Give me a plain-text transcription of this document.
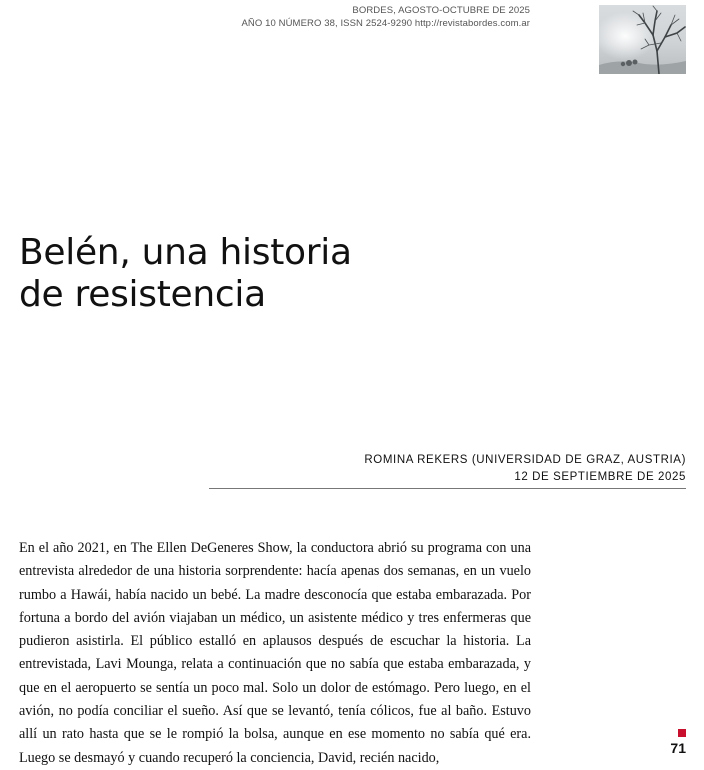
BORDES, AGOSTO-OCTUBRE DE 2025
AÑO 10 NÚMERO 38, ISSN 2524-9290 http://revistabordes.com.ar
Belén, una historia
de resistencia
ROMINA REKERS (UNIVERSIDAD DE GRAZ, AUSTRIA)
12 DE SEPTIEMBRE DE 2025

En el año 2021, en The Ellen DeGeneres Show, la conductora abrió su programa con una entrevista alrededor de una historia sorprendente: hacía apenas dos semanas, en un vuelo rumbo a Hawái, había nacido un bebé. La madre desconocía que estaba embarazada. Por fortuna a bordo del avión viajaban un médico, un asistente médico y tres enfermeras que pudieron asistirla. El público estalló en aplausos después de escuchar la historia. La entrevistada, Lavi Mounga, relata a continuación que no sabía que estaba embarazada, y que en el aeropuerto se sentía un poco mal. Solo un dolor de estómago. Pero luego, en el avión, no podía conciliar el sueño. Así que se levantó, tenía cólicos, fue al baño. Estuvo allí un rato hasta que se le rompió la bolsa, aunque en ese momento no sabía qué era. Luego se desmayó y cuando recuperó la conciencia, David, recién nacido,

71
